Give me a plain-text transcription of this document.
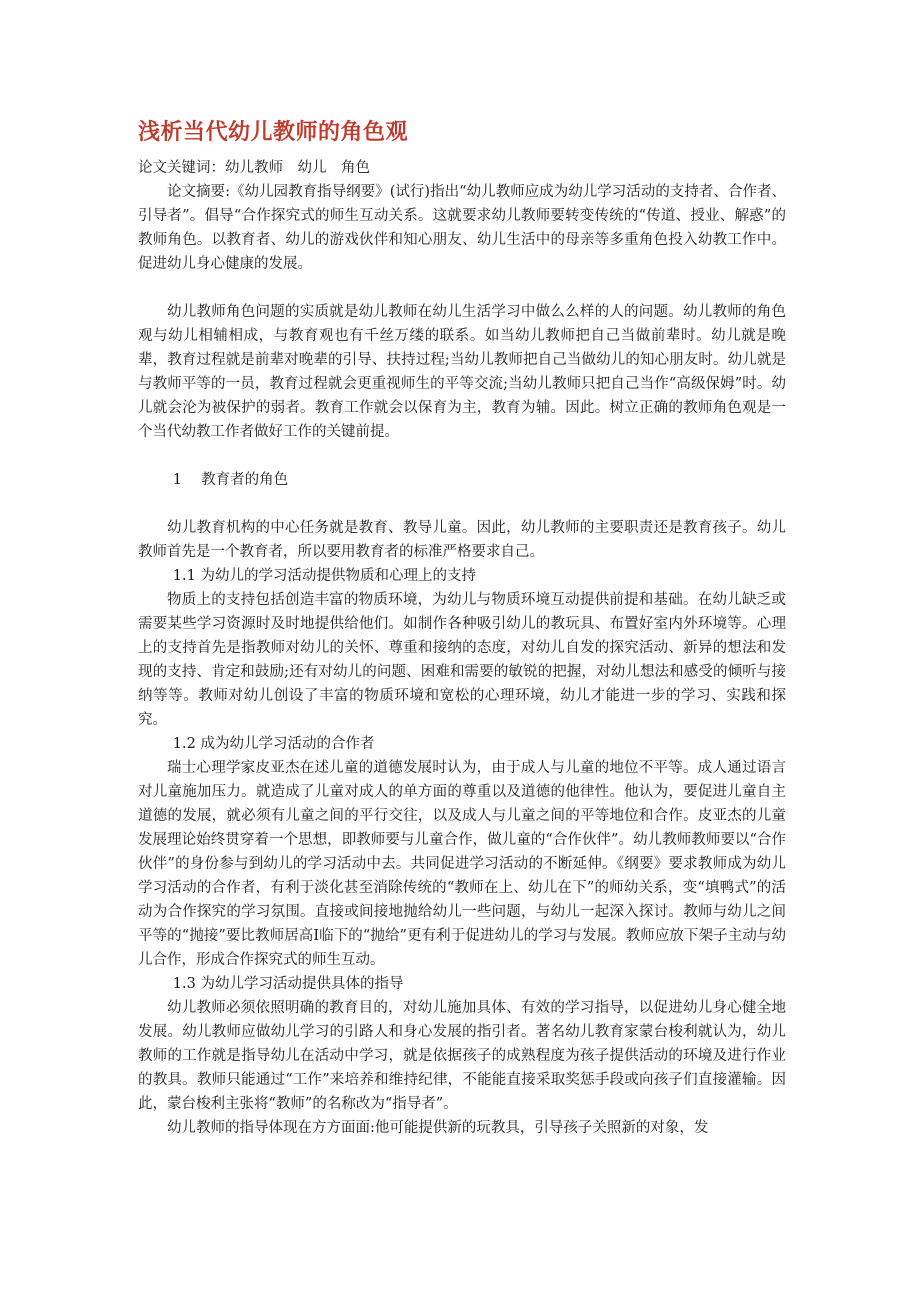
浅析当代幼儿教师的角色观
论文关键词：幼儿教师　幼儿　角色

论文摘要:《幼儿园教育指导纲要》(试行)指出“幼儿教师应成为幼儿学习活动的支持者、合作者、引导者”。倡导“合作探究式的师生互动关系。这就要求幼儿教师要转变传统的“传道、授业、解惑”的教师角色。以教育者、幼儿的游戏伙伴和知心朋友、幼儿生活中的母亲等多重角色投入幼教工作中。促进幼儿身心健康的发展。

幼儿教师角色问题的实质就是幼儿教师在幼儿生活学习中做么么样的人的问题。幼儿教师的角色观与幼儿相辅相成，与教育观也有千丝万缕的联系。如当幼儿教师把自己当做前辈时。幼儿就是晚辈，教育过程就是前辈对晚辈的引导、扶持过程;当幼儿教师把自己当做幼儿的知心朋友时。幼儿就是与教师平等的一员，教育过程就会更重视师生的平等交流;当幼儿教师只把自己当作“高级保姆”时。幼儿就会沦为被保护的弱者。教育工作就会以保育为主，教育为辅。因此。树立正确的教师角色观是一个当代幼教工作者做好工作的关键前提。

1　 教育者的角色

幼儿教育机构的中心任务就是教育、教导儿童。因此，幼儿教师的主要职责还是教育孩子。幼儿教师首先是一个教育者，所以要用教育者的标准严格要求自己。

1.1 为幼儿的学习活动提供物质和心理上的支持

物质上的支持包括创造丰富的物质环境，为幼儿与物质环境互动提供前提和基础。在幼儿缺乏或需要某些学习资源时及时地提供给他们。如制作各种吸引幼儿的教玩具、布置好室内外环境等。心理上的支持首先是指教师对幼儿的关怀、尊重和接纳的态度，对幼儿自发的探究活动、新异的想法和发现的支持、肯定和鼓励;还有对幼儿的问题、困难和需要的敏锐的把握，对幼儿想法和感受的倾听与接纳等等。教师对幼儿创设了丰富的物质环境和宽松的心理环境，幼儿才能进一步的学习、实践和探究。

1.2 成为幼儿学习活动的合作者

瑞士心理学家皮亚杰在述儿童的道德发展时认为，由于成人与儿童的地位不平等。成人通过语言对儿童施加压力。就造成了儿童对成人的单方面的尊重以及道德的他律性。他认为，要促进儿童自主道德的发展，就必须有儿童之间的平行交往，以及成人与儿童之间的平等地位和合作。皮亚杰的儿童发展理论始终贯穿着一个思想，即教师要与儿童合作，做儿童的“合作伙伴”。幼儿教师教师要以“合作伙伴”的身份参与到幼儿的学习活动中去。共同促进学习活动的不断延伸。《纲要》要求教师成为幼儿学习活动的合作者，有利于淡化甚至消除传统的“教师在上、幼儿在下”的师幼关系，变“填鸭式”的活动为合作探究的学习氛围。直接或间接地抛给幼儿一些问题，与幼儿一起深入探讨。教师与幼儿之间平等的“抛接”要比教师居高I临下的“抛给”更有利于促进幼儿的学习与发展。教师应放下架子主动与幼儿合作，形成合作探究式的师生互动。

1.3 为幼儿学习活动提供具体的指导

幼儿教师必须依照明确的教育目的，对幼儿施加具体、有效的学习指导，以促进幼儿身心健全地发展。幼儿教师应做幼儿学习的引路人和身心发展的指引者。著名幼儿教育家蒙台梭利就认为，幼儿教师的工作就是指导幼儿在活动中学习，就是依据孩子的成熟程度为孩子提供活动的环境及进行作业的教具。教师只能通过“工作”来培养和维持纪律，不能能直接采取奖惩手段或向孩子们直接灌输。因此，蒙台梭利主张将“教师”的名称改为“指导者”。

幼儿教师的指导体现在方方面面:他可能提供新的玩教具，引导孩子关照新的对象，发
